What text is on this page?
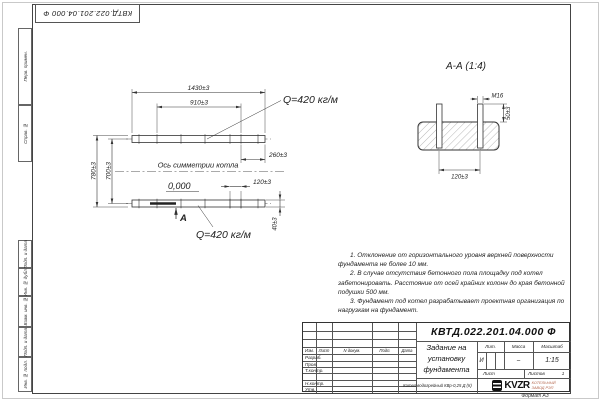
КВТД.022.201.04.000 Ф
Перв. примен.
Справ. №
Подп. и дата
Инв. № дубл.
Взам. инв. №
Подп. и дата
Инв. № подл.
1430±3
910±3
780±3 700±3
260±3
120±3
40±3
Ось симметрии котла
0,000
Q=420 кг/м
Q=420 кг/м
А
А-А (1:4)
М16
50±3
120±3

1. Отклонение от горизонтального уровня верхней поверхности фундамента не более 10 мм.

2. В случае отсутствия бетонного пола площадку под котел забетонировать. Расстояние от осей крайних колонн до края бетонной подушки 500 мм.

3. Фундамент под котел разрабатывает проектная организация по нагрузкам на фундамент.

КВТД.022.201.04.000 Ф
Задание на
установку
фундамента
Изм.	Лист	N докум.	Подп.	Дата
Разраб.
Пров.
Т.контр.
Н.контр.
Утв.
Лит.	Масса	Масштаб
И	–	1:15
Лист	Листов	1
Котел водогрейный КВр-0,25 Д (К)	KVZR КОТЕЛЬНЫЙ
ЗАВОД РЭП
Формат А3
